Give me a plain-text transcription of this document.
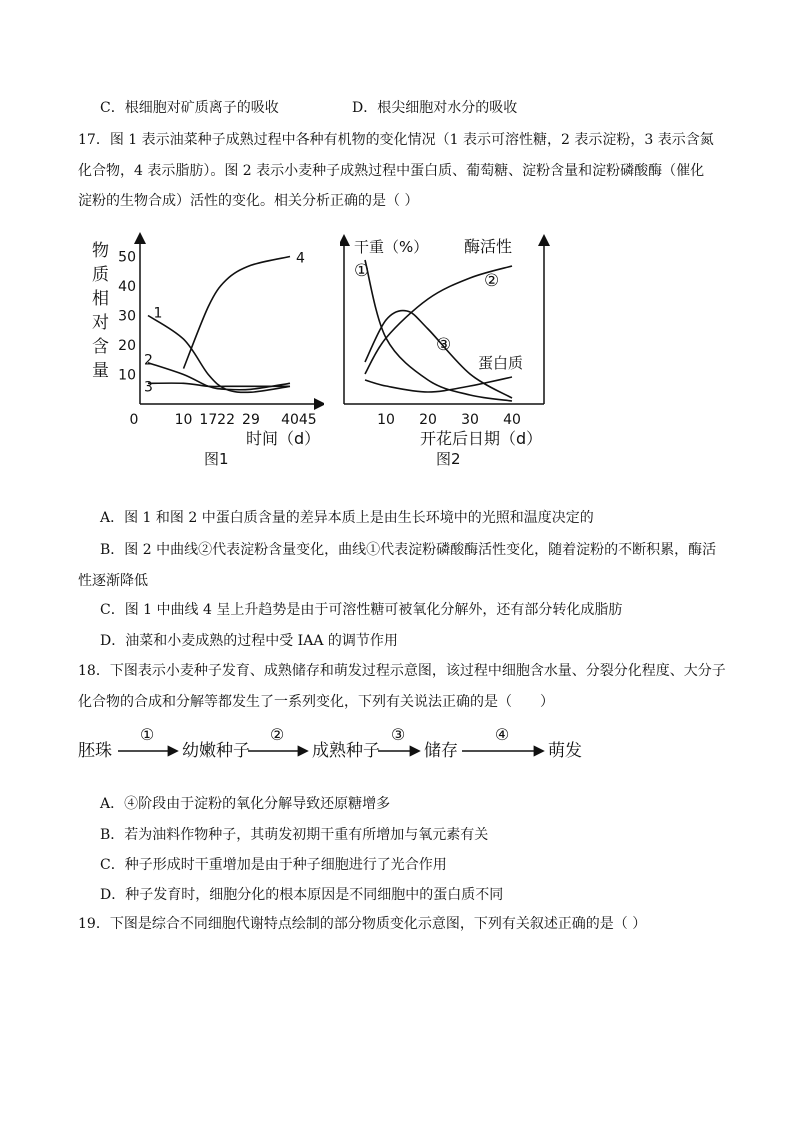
C．根细胞对矿质离子的吸收	D．根尖细胞对水分的吸收
17．图 1 表示油菜种子成熟过程中各种有机物的变化情况（1 表示可溶性糖，2 表示淀粉，3 表示含氮
化合物，4 表示脂肪）。图 2 表示小麦种子成熟过程中蛋白质、葡萄糖、淀粉含量和淀粉磷酸酶（催化
淀粉的生物合成）活性的变化。相关分析正确的是（ ）
物
质
相
对
含
量
50
40
30
20
10
0	10 17 22 29 40 45
1
2
3
4
时间（d）
图1
干重（%） 酶活性
10 20 30 40
①	②
③
蛋白质
开花后日期（d）
图2
A．图 1 和图 2 中蛋白质含量的差异本质上是由生长环境中的光照和温度决定的
B．图 2 中曲线②代表淀粉含量变化，曲线①代表淀粉磷酸酶活性变化，随着淀粉的不断积累，酶活
性逐渐降低
C．图 1 中曲线 4 呈上升趋势是由于可溶性糖可被氧化分解外，还有部分转化成脂肪
D．油菜和小麦成熟的过程中受 IAA 的调节作用
18．下图表示小麦种子发育、成熟储存和萌发过程示意图，该过程中细胞含水量、分裂分化程度、大分子
化合物的合成和分解等都发生了一系列变化，下列有关说法正确的是（　　）
胚珠	幼嫩种子	成熟种子	储存	萌发
①	②	③	④
A．④阶段由于淀粉的氧化分解导致还原糖增多
B．若为油料作物种子，其萌发初期干重有所增加与氧元素有关
C．种子形成时干重增加是由于种子细胞进行了光合作用
D．种子发育时，细胞分化的根本原因是不同细胞中的蛋白质不同
19．下图是综合不同细胞代谢特点绘制的部分物质变化示意图，下列有关叙述正确的是（ ）
